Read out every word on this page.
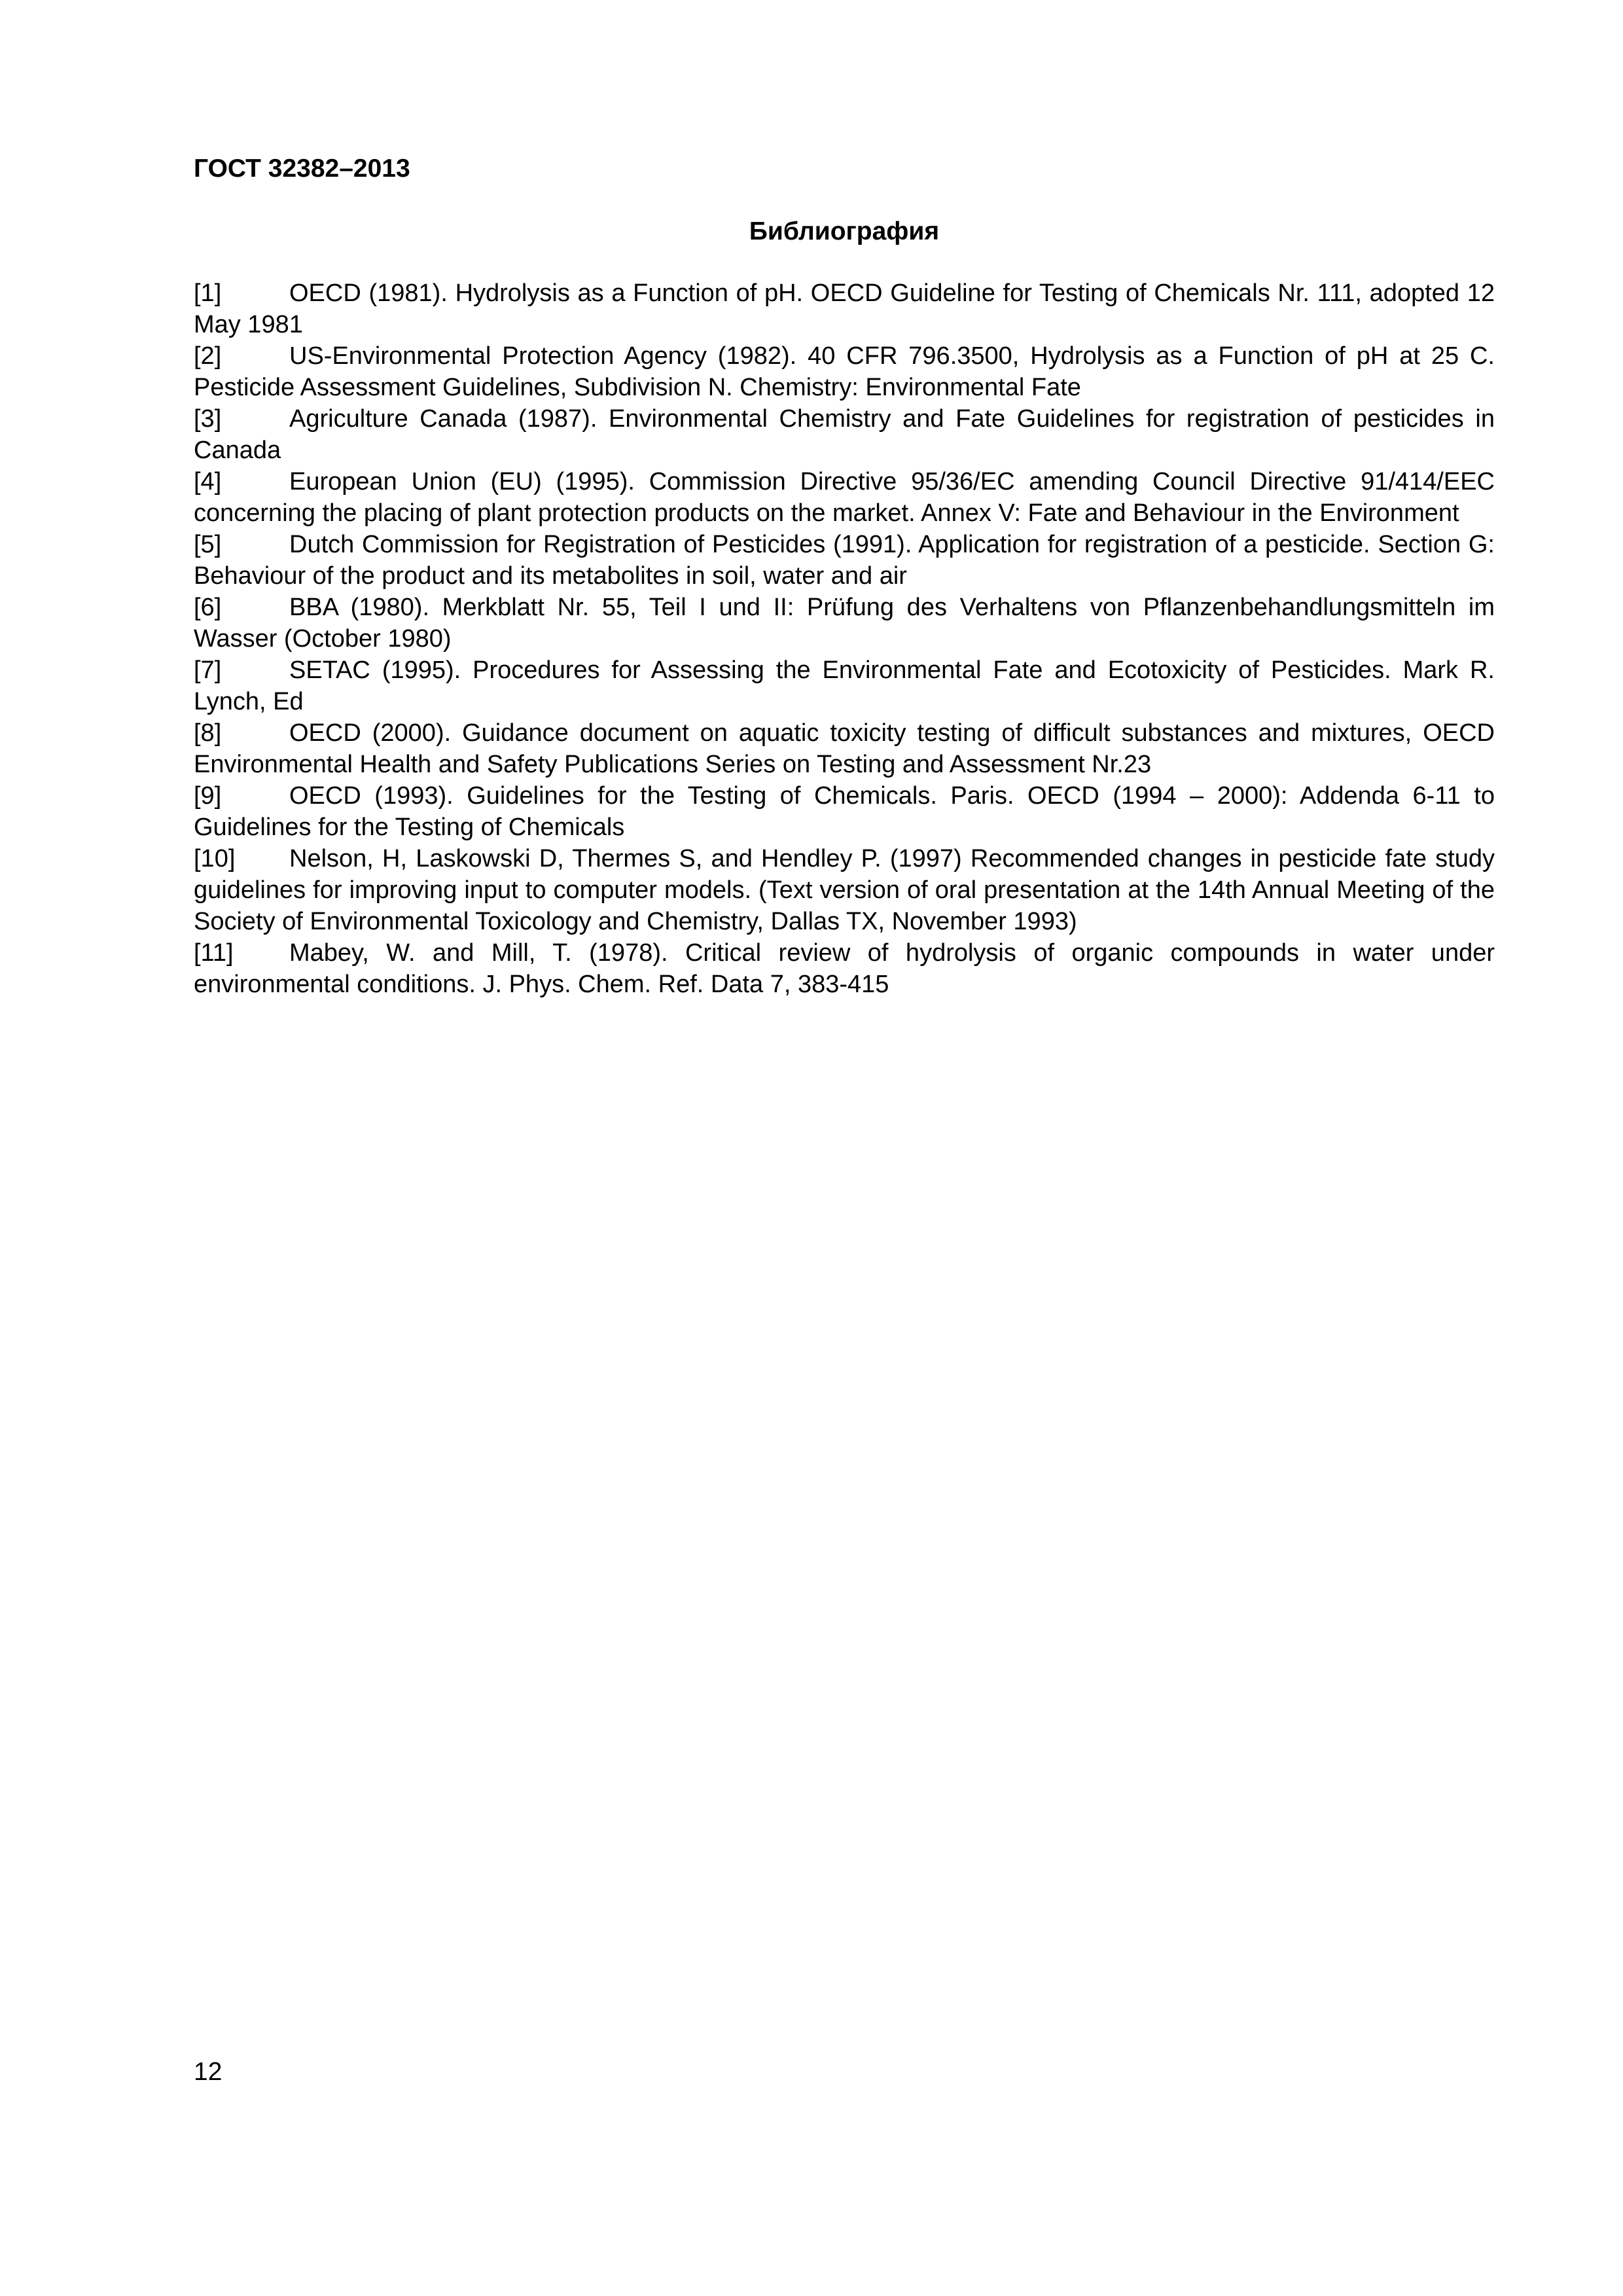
ГОСТ 32382–2013
Библиография
[1]	OECD (1981). Hydrolysis as a Function of pH. OECD Guideline for Testing of Chemicals Nr. 111, adopted 12 May 1981
[2]	US-Environmental Protection Agency (1982). 40 CFR 796.3500, Hydrolysis as a Function of pH at 25 C. Pesticide Assessment Guidelines, Subdivision N. Chemistry: Environmental Fate
[3]	Agriculture Canada (1987). Environmental Chemistry and Fate Guidelines for registration of pesticides in Canada
[4]	European Union (EU) (1995). Commission Directive 95/36/EC amending Council Directive 91/414/EEC concerning the placing of plant protection products on the market. Annex V: Fate and Behaviour in the Environment
[5]	Dutch Commission for Registration of Pesticides (1991). Application for registration of a pesticide. Section G: Behaviour of the product and its metabolites in soil, water and air
[6]	BBA (1980). Merkblatt Nr. 55, Teil I und II: Prüfung des Verhaltens von Pflanzenbehandlungsmitteln im Wasser (October 1980)
[7]	SETAC (1995). Procedures for Assessing the Environmental Fate and Ecotoxicity of Pesticides. Mark R. Lynch, Ed
[8]	OECD (2000). Guidance document on aquatic toxicity testing of difficult substances and mixtures, OECD Environmental Health and Safety Publications Series on Testing and Assessment Nr.23
[9]	OECD (1993). Guidelines for the Testing of Chemicals. Paris. OECD (1994 – 2000): Addenda 6-11 to Guidelines for the Testing of Chemicals
[10] Nelson, H, Laskowski D, Thermes S, and Hendley P. (1997) Recommended changes in pesticide fate study guidelines for improving input to computer models. (Text version of oral presentation at the 14th Annual Meeting of the Society of Environmental Toxicology and Chemistry, Dallas TX, November 1993)
[11] Mabey, W. and Mill, T. (1978). Critical review of hydrolysis of organic compounds in water under environmental conditions. J. Phys. Chem. Ref. Data 7, 383-415
12
